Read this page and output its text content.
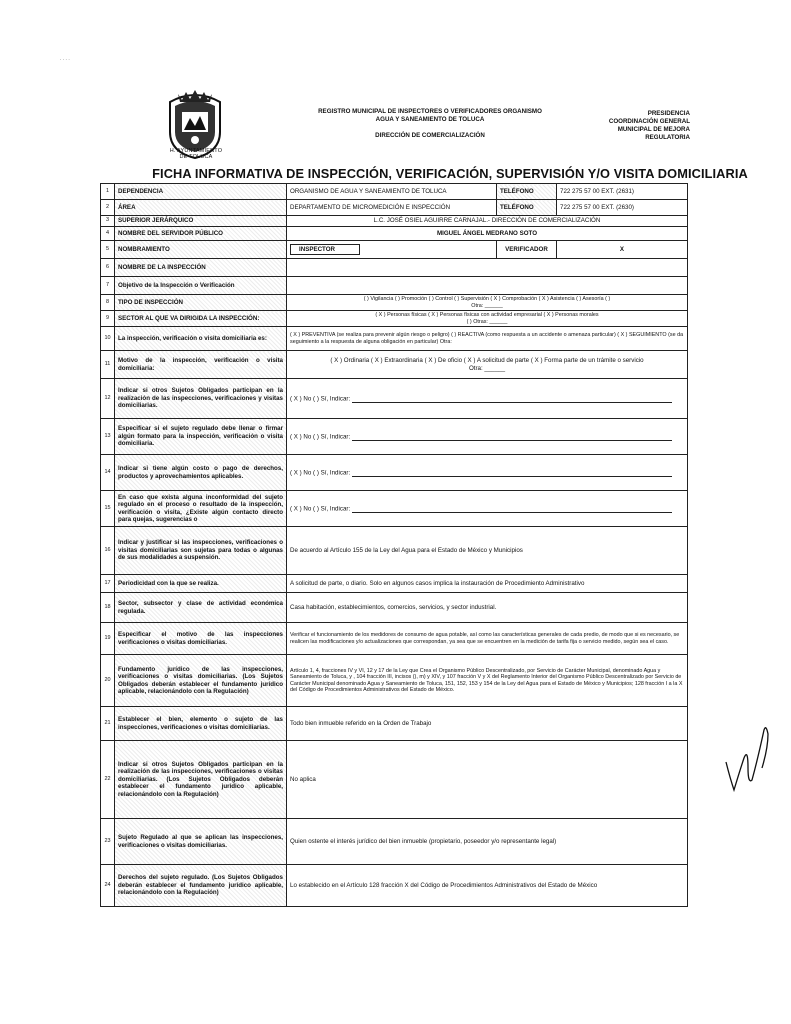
. . . .
H. AYUNTAMIENTO
DE TOLUCA
REGISTRO MUNICIPAL DE INSPECTORES O VERIFICADORES ORGANISMO
AGUA Y SANEAMIENTO DE TOLUCA
DIRECCIÓN DE COMERCIALIZACIÓN
PRESIDENCIA
COORDINACIÓN GENERAL
MUNICIPAL DE MEJORA
REGULATORIA
FICHA INFORMATIVA DE INSPECCIÓN, VERIFICACIÓN, SUPERVISIÓN Y/O VISITA DOMICILIARIA
1	DEPENDENCIA	ORGANISMO DE AGUA Y SANEAMIENTO DE TOLUCA	TELÉFONO	722 275 57 00 EXT. (2631)
2	ÁREA	DEPARTAMENTO DE MICROMEDICIÓN E INSPECCIÓN	TELÉFONO	722 275 57 00 EXT. (2630)
3	SUPERIOR JERÁRQUICO	L.C. JOSÉ OSIEL AGUIRRE CARNAJAL.- DIRECCIÓN DE COMERCIALIZACIÓN		
4	NOMBRE DEL SERVIDOR PÚBLICO	MIGUEL ÁNGEL MEDRANO SOTO		
5	NOMBRAMIENTO	INSPECTOR	VERIFICADOR	X
6	NOMBRE DE LA INSPECCIÓN			
7	Objetivo de la Inspección o Verificación			
8	TIPO DE INSPECCIÓN	( ) Vigilancia ( ) Promoción ( ) Control ( ) Supervisión ( X ) Comprobación ( X ) Asistencia ( ) Asesoría ( )
Otra: ______		

9	SECTOR AL QUE VA DIRIGIDA LA INSPECCIÓN:	( X ) Personas físicas ( X ) Personas físicas con actividad empresarial ( X ) Personas morales
( ) Otras: ______		

10	La inspección, verificación o visita domiciliaria es:	( X ) PREVENTIVA (se realiza para prevenir algún riesgo o peligro) ( ) REACTIVA (como respuesta a un accidente o amenaza particular) ( X ) SEGUIMIENTO (se da seguimiento a la respuesta de alguna obligación en particular) Otra:		
11	Motivo de la inspección, verificación o visita domiciliaria:	( X ) Ordinaria ( X ) Extraordinaria ( X ) De oficio ( X ) A solicitud de parte ( X ) Forma parte de un trámite o servicio
Otra: ______		

12	Indicar si otros Sujetos Obligados participan en la realización de las inspecciones, verificaciones y visitas domiciliarias.	( X ) No ( ) Sí, Indicar:		
13	Especificar si el sujeto regulado debe llenar o firmar algún formato para la inspección, verificación o visita domiciliaria.	( X ) No ( ) Sí, Indicar:		
14	Indicar si tiene algún costo o pago de derechos, productos y aprovechamientos aplicables.	( X ) No ( ) Sí, Indicar:		
15	En caso que exista alguna inconformidad del sujeto regulado en el proceso o resultado de la inspección, verificación o visita, ¿Existe algún contacto directo para quejas, sugerencias o	( X ) No ( ) Sí, Indicar:		
16	Indicar y justificar si las inspecciones, verificaciones o visitas domiciliarias son sujetas para todas o algunas de sus modalidades a suspensión.	De acuerdo al Artículo 155 de la Ley del Agua para el Estado de México y Municipios		
17	Periodicidad con la que se realiza.	A solicitud de parte, o diario. Solo en algunos casos implica la instauración de Procedimiento Administrativo		
18	Sector, subsector y clase de actividad económica regulada.	Casa habitación, establecimientos, comercios, servicios, y sector industrial.		
19	Especificar el motivo de las inspecciones verificaciones o visitas domiciliarias.	Verificar el funcionamiento de los medidores de consumo de agua potable, así como las características generales de cada predio, de modo que si es necesario, se realicen las modificaciones y/o actualizaciones que correspondan, ya sea que se encuentren en la medición de tarifa fija o servicio medido, según sea el caso.		
20	Fundamento jurídico de las inspecciones, verificaciones o visitas domiciliarias. (Los Sujetos Obligados deberán establecer el fundamento jurídico aplicable, relacionándolo con la Regulación)	Artículo 1, 4, fracciones IV y VI, 12 y 17 de la Ley que Crea el Organismo Público Descentralizado, por Servicio de Carácter Municipal, denominado Agua y Saneamiento de Toluca, y , 104 fracción III, incisos (), m) y XIV, y 107 fracción V y X del Reglamento Interior del Organismo Público Descentralizado por Servicio de Carácter Municipal denominado Agua y Saneamiento de Toluca, 151, 152, 153 y 154 de la Ley del Agua para el Estado de México y Municipios; 128 fracción I a la X del Código de Procedimientos Administrativos del Estado de México.		
21	Establecer el bien, elemento o sujeto de las inspecciones, verificaciones o visitas domiciliarias.	Todo bien inmueble referido en la Orden de Trabajo		
22	Indicar si otros Sujetos Obligados participan en la realización de las inspecciones, verificaciones o visitas domiciliarias. (Los Sujetos Obligados deberán establecer el fundamento jurídico aplicable, relacionándolo con la Regulación)	No aplica		
23	Sujeto Regulado al que se aplican las inspecciones, verificaciones o visitas domiciliarias.	Quien ostente el interés jurídico del bien inmueble (propietario, poseedor y/o representante legal)		
24	Derechos del sujeto regulado. (Los Sujetos Obligados deberán establecer el fundamento jurídico aplicable, relacionándolo con la Regulación)	Lo establecido en el Artículo 128 fracción X del Código de Procedimientos Administrativos del Estado de México		
